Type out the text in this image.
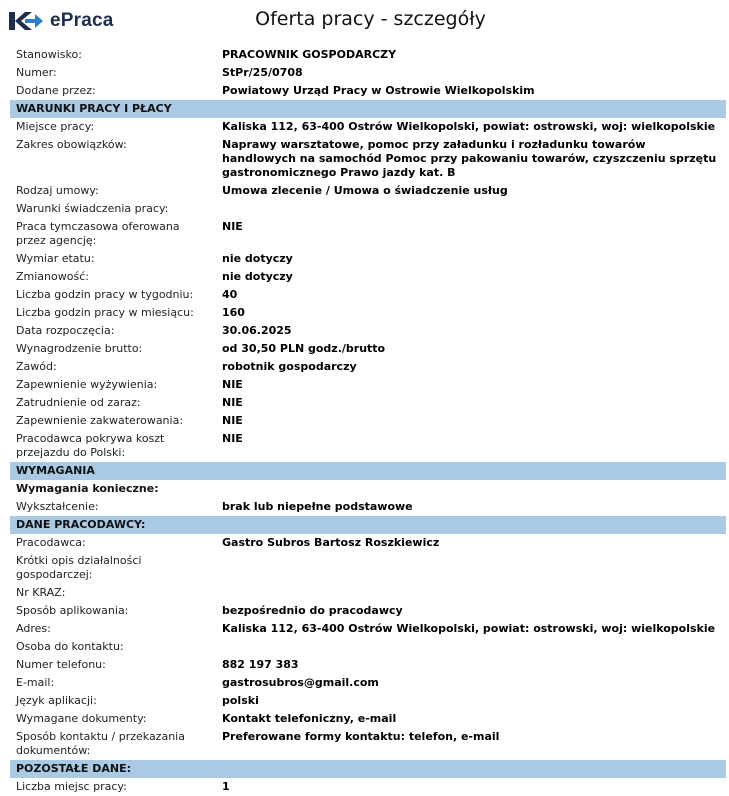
ePraca	Oferta pracy - szczegóły
Stanowisko:	PRACOWNIK GOSPODARCZY
Numer:	StPr/25/0708
Dodane przez:	Powiatowy Urząd Pracy w Ostrowie Wielkopolskim
WARUNKI PRACY I PŁACY	
Miejsce pracy:	Kaliska 112, 63-400 Ostrów Wielkopolski, powiat: ostrowski, woj: wielkopolskie
Zakres obowiązków:	Naprawy warsztatowe, pomoc przy załadunku i rozładunku towarów handlowych na samochód Pomoc przy pakowaniu towarów, czyszczeniu sprzętu gastronomicznego Prawo jazdy kat. B
Rodzaj umowy:	Umowa zlecenie / Umowa o świadczenie usług
Warunki świadczenia pracy:	
Praca tymczasowa oferowana przez agencję:	NIE
Wymiar etatu:	nie dotyczy
Zmianowość:	nie dotyczy
Liczba godzin pracy w tygodniu:	40
Liczba godzin pracy w miesiącu:	160
Data rozpoczęcia:	30.06.2025
Wynagrodzenie brutto:	od 30,50 PLN godz./brutto
Zawód:	robotnik gospodarczy
Zapewnienie wyżywienia:	NIE
Zatrudnienie od zaraz:	NIE
Zapewnienie zakwaterowania:	NIE
Pracodawca pokrywa koszt przejazdu do Polski:	NIE
WYMAGANIA	
Wymagania konieczne:	
Wykształcenie:	brak lub niepełne podstawowe
DANE PRACODAWCY:	
Pracodawca:	Gastro Subros Bartosz Roszkiewicz
Krótki opis działalności gospodarczej:	
Nr KRAZ:	
Sposób aplikowania:	bezpośrednio do pracodawcy
Adres:	Kaliska 112, 63-400 Ostrów Wielkopolski, powiat: ostrowski, woj: wielkopolskie
Osoba do kontaktu:	
Numer telefonu:	882 197 383
E-mail:	gastrosubros@gmail.com
Język aplikacji:	polski
Wymagane dokumenty:	Kontakt telefoniczny, e-mail
Sposób kontaktu / przekazania dokumentów:	Preferowane formy kontaktu: telefon, e-mail
POZOSTAŁE DANE:	
Liczba miejsc pracy:	1
